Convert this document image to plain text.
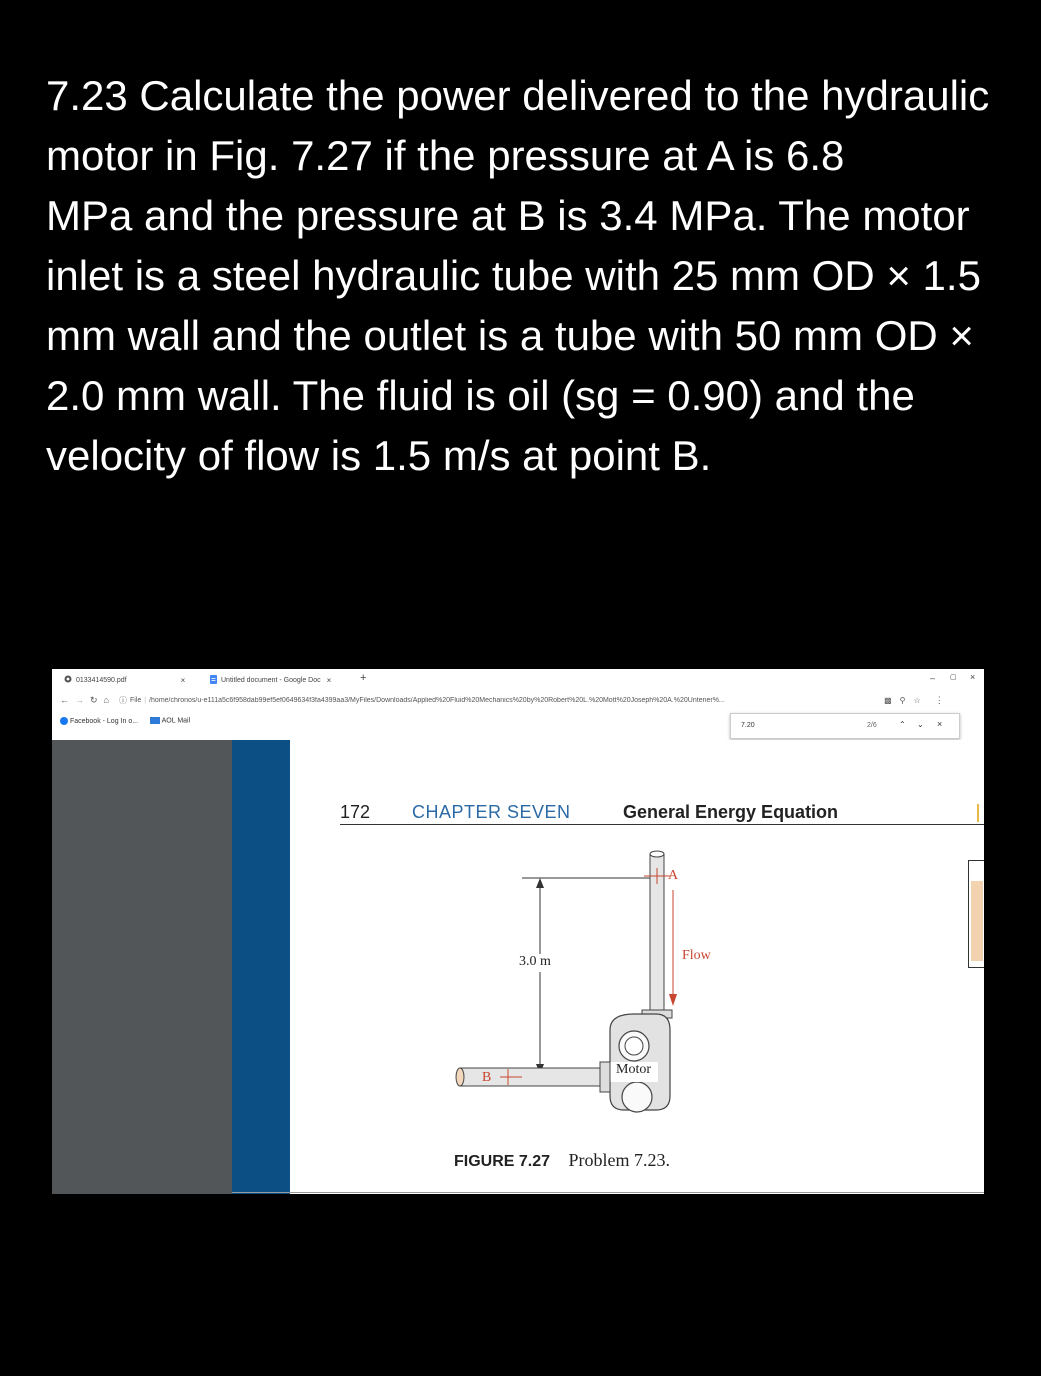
7.23 Calculate the power delivered to the hydraulic motor in Fig. 7.27 if the pressure at A is 6.8

MPa and the pressure at B is 3.4 MPa. The motor inlet is a steel hydraulic tube with 25 mm OD × 1.5 mm wall and the outlet is a tube with 50 mm OD × 2.0 mm wall. The fluid is oil (sg = 0.90) and the velocity of flow is 1.5 m/s at point B.

0133414590.pdf	×	Untitled document - Google Doc ×	+	– ▢ ×
← → ↻ ⌂ ⓘ File | /home/chronos/u-e111a5c6f958dab99ef5ef0649634f3fa4399aa3/MyFiles/Downloads/Applied%20Fluid%20Mechanics%20by%20Robert%20L.%20Mott%20Joseph%20A.%20Untener%...	▩ ⚲ ☆ ⋮
Facebook - Log In o...	AOL Mail
7.20	2/6	⌃ ⌄ ×
172 CHAPTER SEVEN	General Energy Equation
A
Flow
3.0 m
Motor
B
FIGURE 7.27 Problem 7.23.
